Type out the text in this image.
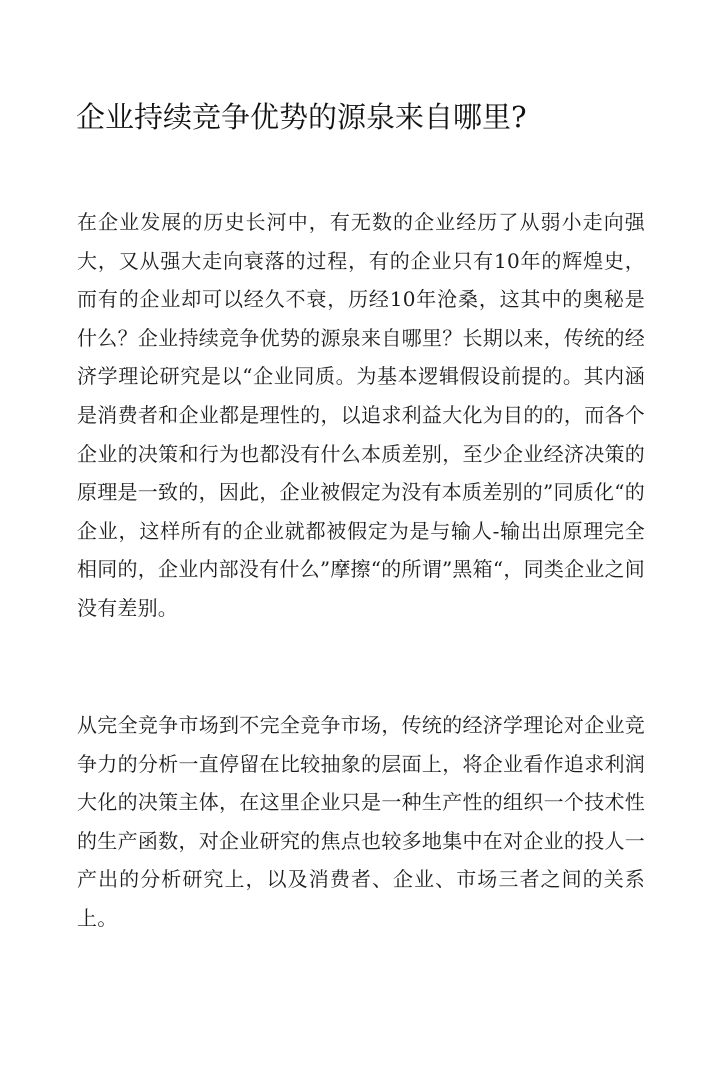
企业持续竞争优势的源泉来自哪里?

在企业发展的历史长河中，有无数的企业经历了从弱小走向强大，又从强大走向衰落的过程，有的企业只有10年的辉煌史，而有的企业却可以经久不衰，历经10年沧桑，这其中的奥秘是什么？企业持续竞争优势的源泉来自哪里？长期以来，传统的经济学理论研究是以“企业同质。为基本逻辑假设前提的。其内涵是消费者和企业都是理性的，以追求利益大化为目的的，而各个企业的决策和行为也都没有什么本质差别，至少企业经济决策的原理是一致的，因此，企业被假定为没有本质差别的”同质化“的企业，这样所有的企业就都被假定为是与输人-输出出原理完全相同的，企业内部没有什么”摩擦“的所谓”黑箱“，同类企业之间没有差别。

从完全竞争市场到不完全竞争市场，传统的经济学理论对企业竞争力的分析一直停留在比较抽象的层面上，将企业看作追求利润大化的决策主体，在这里企业只是一种生产性的组织一个技术性的生产函数，对企业研究的焦点也较多地集中在对企业的投人一产出的分析研究上，以及消费者、企业、市场三者之间的关系上。
